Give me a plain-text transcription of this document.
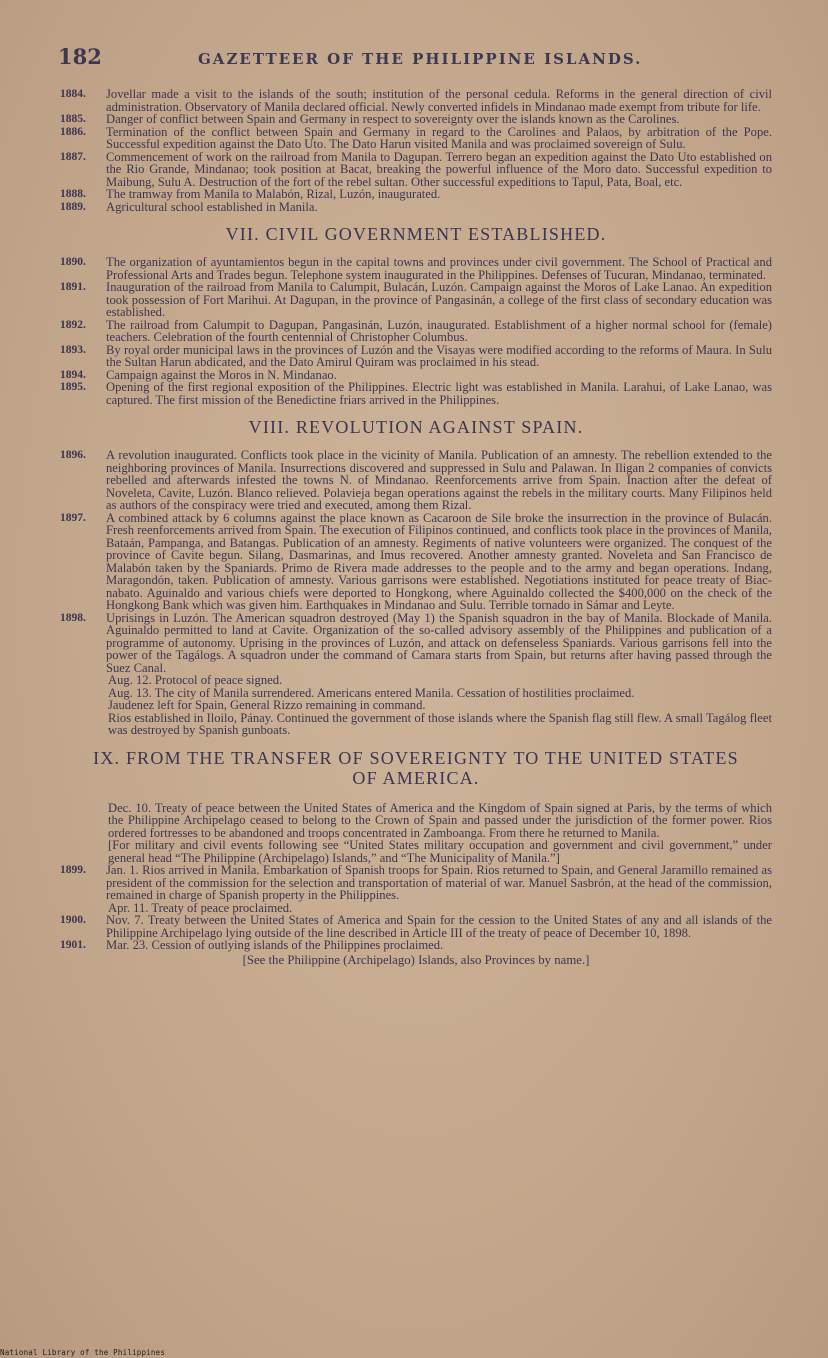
182	GAZETTEER OF THE PHILIPPINE ISLANDS.
1884. Jovellar made a visit to the islands of the south; institution of the personal cedula. Reforms in the general direction of civil administration. Observatory of Manila declared official. Newly converted infidels in Mindanao made exempt from tribute for life.
1885. Danger of conflict between Spain and Germany in respect to sovereignty over the islands known as the Carolines.
1886. Termination of the conflict between Spain and Germany in regard to the Carolines and Palaos, by arbitration of the Pope. Successful expedition against the Dato Uto. The Dato Harun visited Manila and was proclaimed sovereign of Sulu.
1887. Commencement of work on the railroad from Manila to Dagupan. Terrero began an expedition against the Dato Uto established on the Rio Grande, Mindanao; took position at Bacat, breaking the powerful influence of the Moro dato. Successful expedition to Maibung, Sulu A. Destruction of the fort of the rebel sultan. Other successful expeditions to Tapul, Pata, Boal, etc.
1888. The tramway from Manila to Malabón, Rizal, Luzón, inaugurated.
1889. Agricultural school established in Manila.
VII. CIVIL GOVERNMENT ESTABLISHED.
1890. The organization of ayuntamientos begun in the capital towns and provinces under civil government. The School of Practical and Professional Arts and Trades begun. Telephone system inaugurated in the Philippines. Defenses of Tucuran, Mindanao, terminated.
1891. Inauguration of the railroad from Manila to Calumpit, Bulacán, Luzón. Campaign against the Moros of Lake Lanao. An expedition took possession of Fort Marihui. At Dagupan, in the province of Pangasinán, a college of the first class of secondary education was established.
1892. The railroad from Calumpit to Dagupan, Pangasinán, Luzón, inaugurated. Establishment of a higher normal school for (female) teachers. Celebration of the fourth centennial of Christopher Columbus.
1893. By royal order municipal laws in the provinces of Luzón and the Visayas were modified according to the reforms of Maura. In Sulu the Sultan Harun abdicated, and the Dato Amirul Quiram was proclaimed in his stead.
1894. Campaign against the Moros in N. Mindanao.
1895. Opening of the first regional exposition of the Philippines. Electric light was established in Manila. Larahui, of Lake Lanao, was captured. The first mission of the Benedictine friars arrived in the Philippines.
VIII. REVOLUTION AGAINST SPAIN.
1896. A revolution inaugurated. Conflicts took place in the vicinity of Manila. Publication of an amnesty. The rebellion extended to the neighboring provinces of Manila. Insurrections discovered and suppressed in Sulu and Palawan. In Iligan 2 companies of convicts rebelled and afterwards infested the towns N. of Mindanao. Reenforcements arrive from Spain. Inaction after the defeat of Noveleta, Cavite, Luzón. Blanco relieved. Polavieja began operations against the rebels in the military courts. Many Filipinos held as authors of the conspiracy were tried and executed, among them Rizal.
1897. A combined attack by 6 columns against the place known as Cacaroon de Sile broke the insurrection in the province of Bulacán. Fresh reenforcements arrived from Spain. The execution of Filipinos continued, and conflicts took place in the provinces of Manila, Bataán, Pampanga, and Batangas. Publication of an amnesty. Regiments of native volunteers were organized. The conquest of the province of Cavite begun. Silang, Dasmarinas, and Imus recovered. Another amnesty granted. Noveleta and San Francisco de Malabón taken by the Spaniards. Primo de Rivera made addresses to the people and to the army and began operations. Indang, Maragondón, taken. Publication of amnesty. Various garrisons were established. Negotiations instituted for peace treaty of Biac-nabato. Aguinaldo and various chiefs were deported to Hongkong, where Aguinaldo collected the $400,000 on the check of the Hongkong Bank which was given him. Earthquakes in Mindanao and Sulu. Terrible tornado in Sámar and Leyte.
1898. Uprisings in Luzón. The American squadron destroyed (May 1) the Spanish squadron in the bay of Manila. Blockade of Manila. Aguinaldo permitted to land at Cavite. Organization of the so-called advisory assembly of the Philippines and publication of a programme of autonomy. Uprising in the provinces of Luzón, and attack on defenseless Spaniards. Various garrisons fell into the power of the Tagálogs. A squadron under the command of Camara starts from Spain, but returns after having passed through the Suez Canal.
Aug. 12. Protocol of peace signed.
Aug. 13. The city of Manila surrendered. Americans entered Manila. Cessation of hostilities proclaimed.
Jaudenez left for Spain, General Rizzo remaining in command.
Rios established in Iloilo, Pánay. Continued the government of those islands where the Spanish flag still flew. A small Tagálog fleet was destroyed by Spanish gunboats.
IX. FROM THE TRANSFER OF SOVEREIGNTY TO THE UNITED STATES
OF AMERICA.
Dec. 10. Treaty of peace between the United States of America and the Kingdom of Spain signed at Paris, by the terms of which the Philippine Archipelago ceased to belong to the Crown of Spain and passed under the jurisdiction of the former power. Rios ordered fortresses to be abandoned and troops concentrated in Zamboanga. From there he returned to Manila.
[For military and civil events following see “United States military occupation and government and civil government,” under general head “The Philippine (Archipelago) Islands,” and “The Municipality of Manila.”]
1899. Jan. 1. Rios arrived in Manila. Embarkation of Spanish troops for Spain. Rios returned to Spain, and General Jaramillo remained as president of the commission for the selection and transportation of material of war. Manuel Sasbrón, at the head of the commission, remained in charge of Spanish property in the Philippines.
Apr. 11. Treaty of peace proclaimed.
1900. Nov. 7. Treaty between the United States of America and Spain for the cession to the United States of any and all islands of the Philippine Archipelago lying outside of the line described in Article III of the treaty of peace of December 10, 1898.
1901. Mar. 23. Cession of outlying islands of the Philippines proclaimed.
[See the Philippine (Archipelago) Islands, also Provinces by name.]
National Library of the Philippines
